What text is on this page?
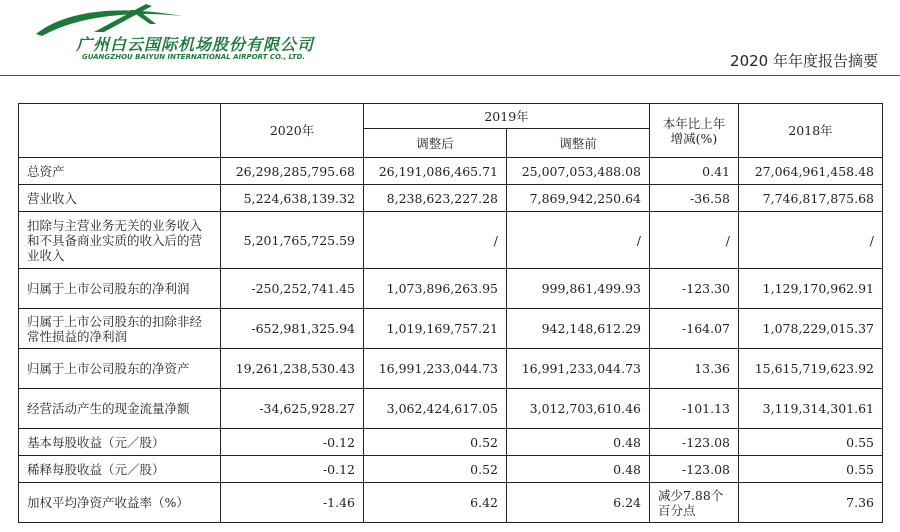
广州白云国际机场股份有限公司
GUANGZHOU BAIYUN INTERNATIONAL AIRPORT CO., LTD.	2020 年年度报告摘要
	2020年	2019年		本年比上年增减(%)	2018年
		调整后	调整前		
总资产	26,298,285,795.68	26,191,086,465.71	25,007,053,488.08	0.41	27,064,961,458.48
营业收入	5,224,638,139.32	8,238,623,227.28	7,869,942,250.64	-36.58	7,746,817,875.68
扣除与主营业务无关的业务收入和不具备商业实质的收入后的营业收入	5,201,765,725.59	/	/	/	/
归属于上市公司股东的净利润	-250,252,741.45	1,073,896,263.95	999,861,499.93	-123.30	1,129,170,962.91
归属于上市公司股东的扣除非经常性损益的净利润	-652,981,325.94	1,019,169,757.21	942,148,612.29	-164.07	1,078,229,015.37
归属于上市公司股东的净资产	19,261,238,530.43	16,991,233,044.73	16,991,233,044.73	13.36	15,615,719,623.92
经营活动产生的现金流量净额	-34,625,928.27	3,062,424,617.05	3,012,703,610.46	-101.13	3,119,314,301.61
基本每股收益（元／股）	-0.12	0.52	0.48	-123.08	0.55
稀释每股收益（元／股）	-0.12	0.52	0.48	-123.08	0.55
加权平均净资产收益率（%）	-1.46	6.42	6.24	减少7.88个百分点	7.36
